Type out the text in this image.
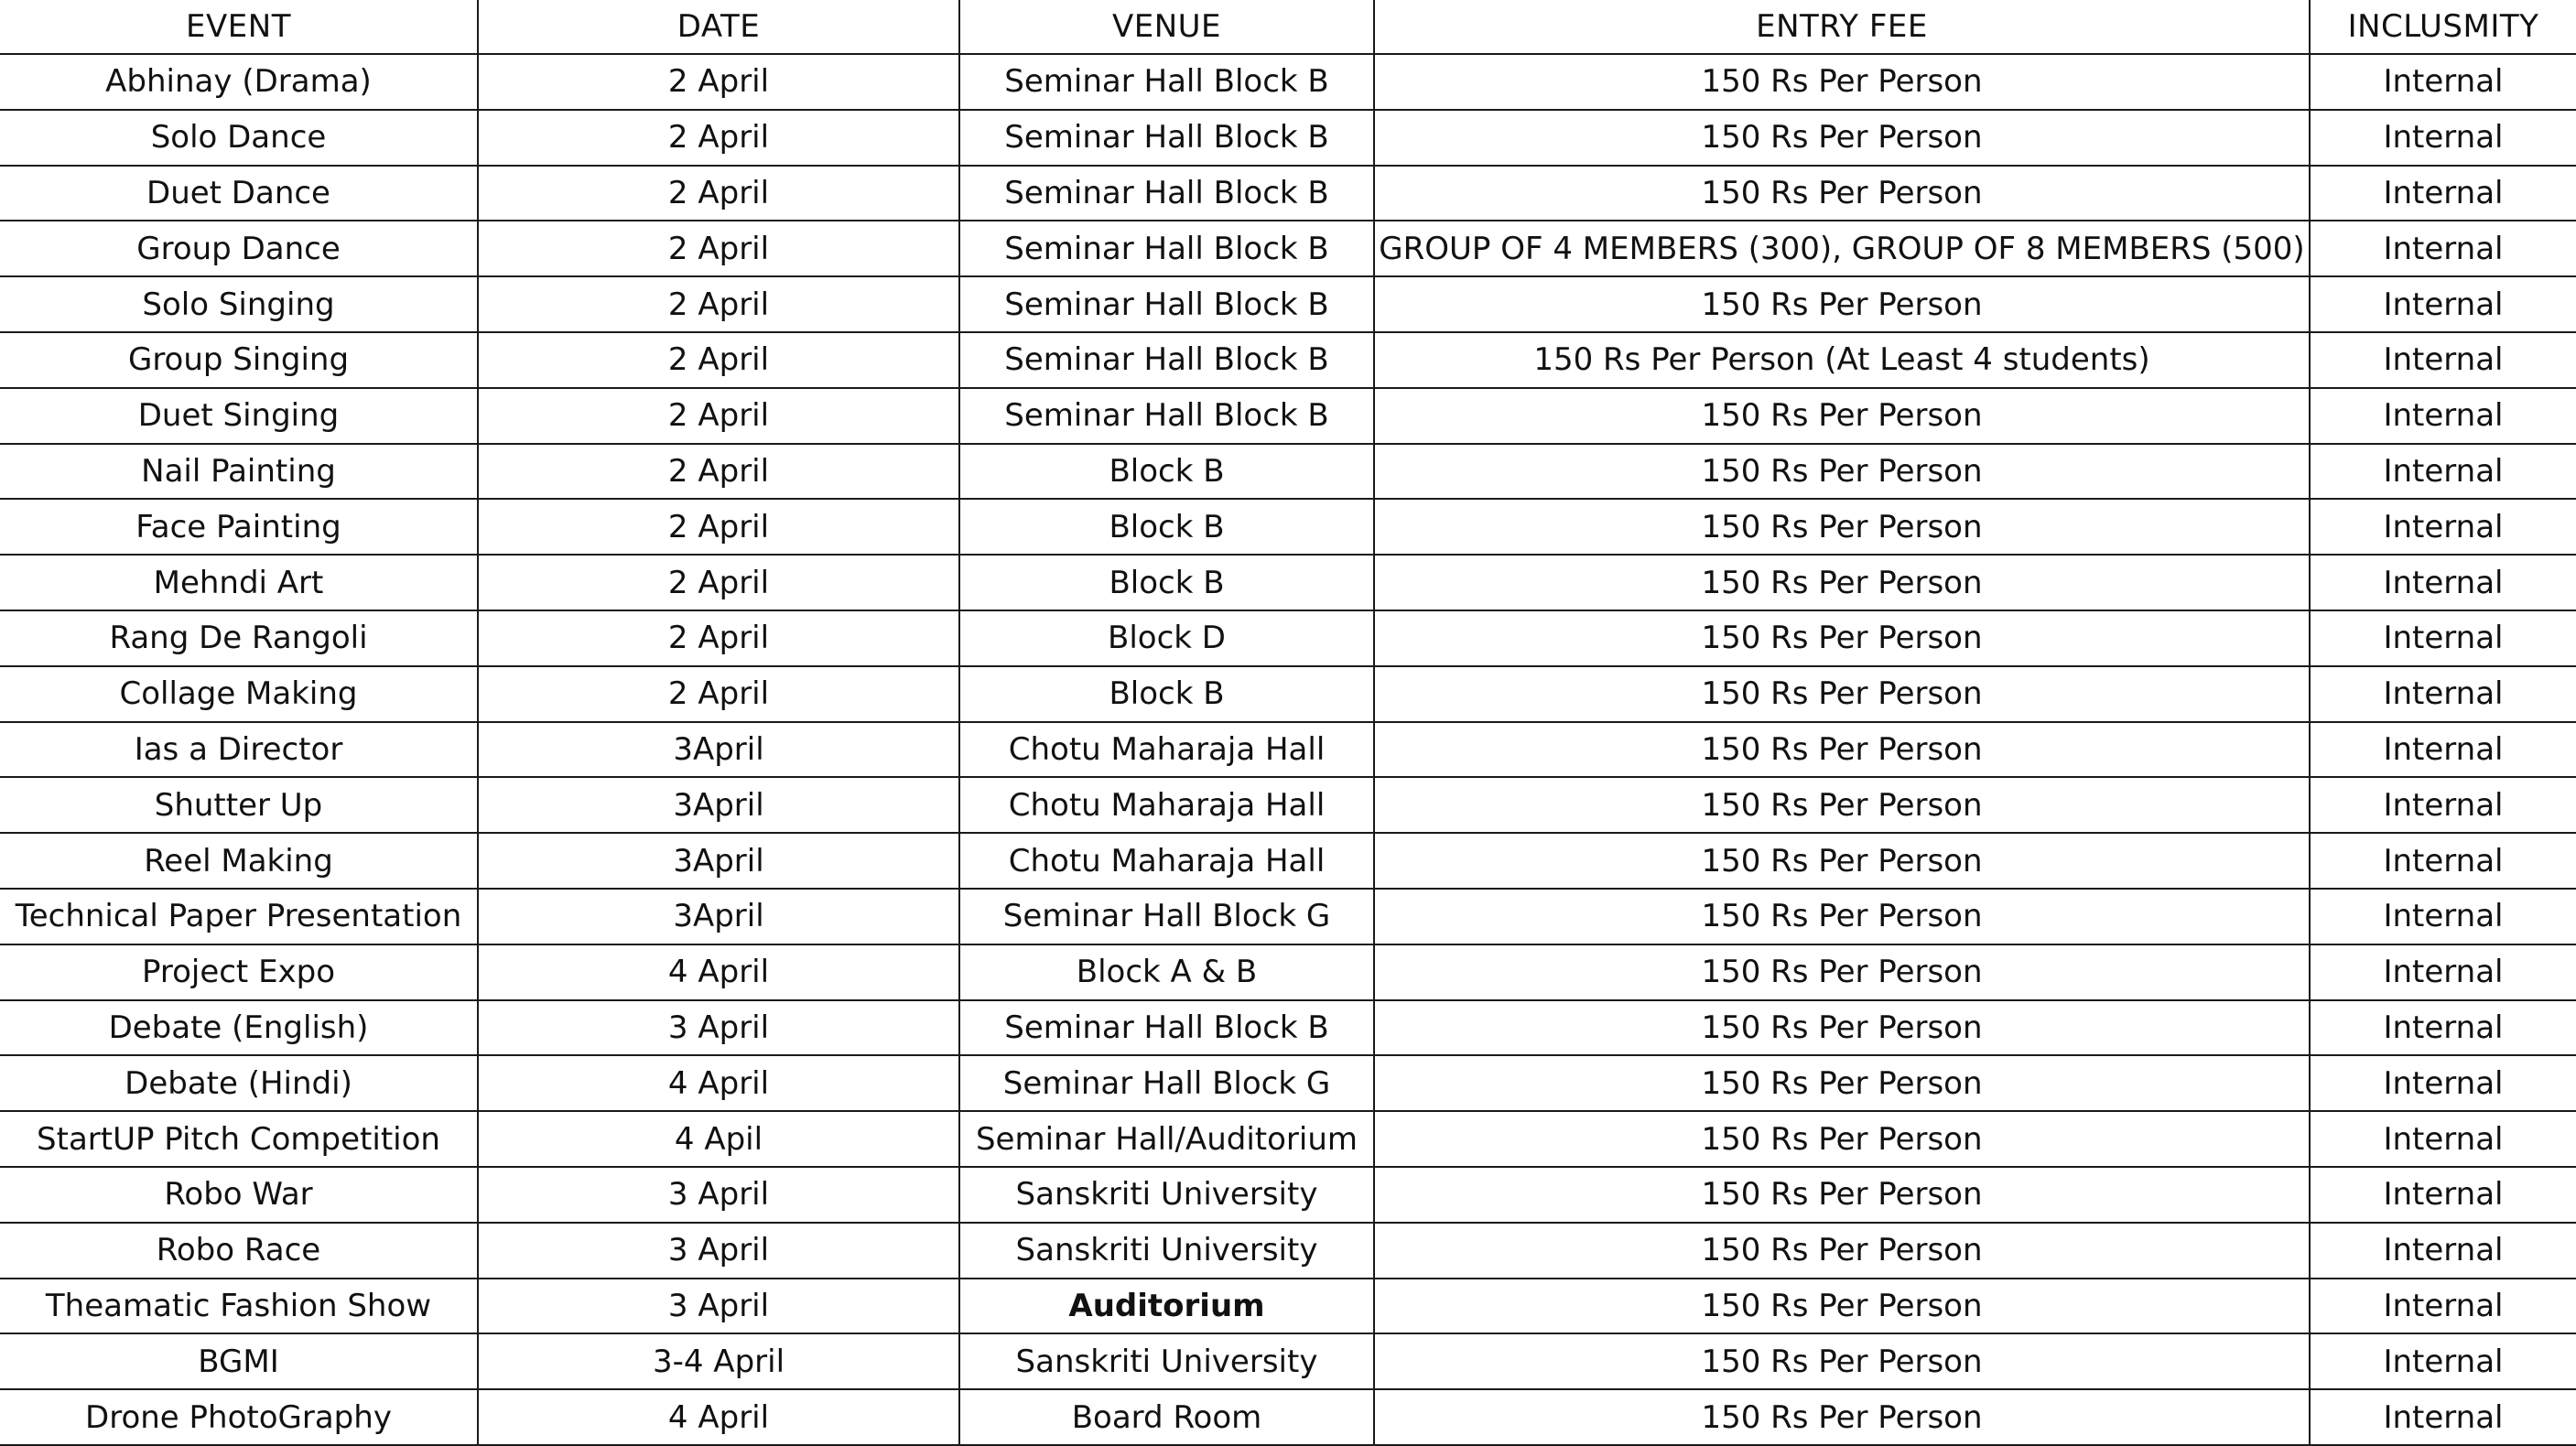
EVENT	DATE	VENUE	ENTRY FEE	INCLUSMITY
Abhinay (Drama)	2 April	Seminar Hall Block B	150 Rs Per Person	Internal
Solo Dance	2 April	Seminar Hall Block B	150 Rs Per Person	Internal
Duet Dance	2 April	Seminar Hall Block B	150 Rs Per Person	Internal
Group Dance	2 April	Seminar Hall Block B	GROUP OF 4 MEMBERS (300), GROUP OF 8 MEMBERS (500)	Internal
Solo Singing	2 April	Seminar Hall Block B	150 Rs Per Person	Internal
Group Singing	2 April	Seminar Hall Block B	150 Rs Per Person (At Least 4 students)	Internal
Duet Singing	2 April	Seminar Hall Block B	150 Rs Per Person	Internal
Nail Painting	2 April	Block B	150 Rs Per Person	Internal
Face Painting	2 April	Block B	150 Rs Per Person	Internal
Mehndi Art	2 April	Block B	150 Rs Per Person	Internal
Rang De Rangoli	2 April	Block D	150 Rs Per Person	Internal
Collage Making	2 April	Block B	150 Rs Per Person	Internal
Ias a Director	3April	Chotu Maharaja Hall	150 Rs Per Person	Internal
Shutter Up	3April	Chotu Maharaja Hall	150 Rs Per Person	Internal
Reel Making	3April	Chotu Maharaja Hall	150 Rs Per Person	Internal
Technical Paper Presentation	3April	Seminar Hall Block G	150 Rs Per Person	Internal
Project Expo	4 April	Block A & B	150 Rs Per Person	Internal
Debate (English)	3 April	Seminar Hall Block B	150 Rs Per Person	Internal
Debate (Hindi)	4 April	Seminar Hall Block G	150 Rs Per Person	Internal
StartUP Pitch Competition	4 Apil	Seminar Hall/Auditorium	150 Rs Per Person	Internal
Robo War	3 April	Sanskriti University	150 Rs Per Person	Internal
Robo Race	3 April	Sanskriti University	150 Rs Per Person	Internal
Theamatic Fashion Show	3 April	Auditorium	150 Rs Per Person	Internal
BGMI	3-4 April	Sanskriti University	150 Rs Per Person	Internal
Drone PhotoGraphy	4 April	Board Room	150 Rs Per Person	Internal
